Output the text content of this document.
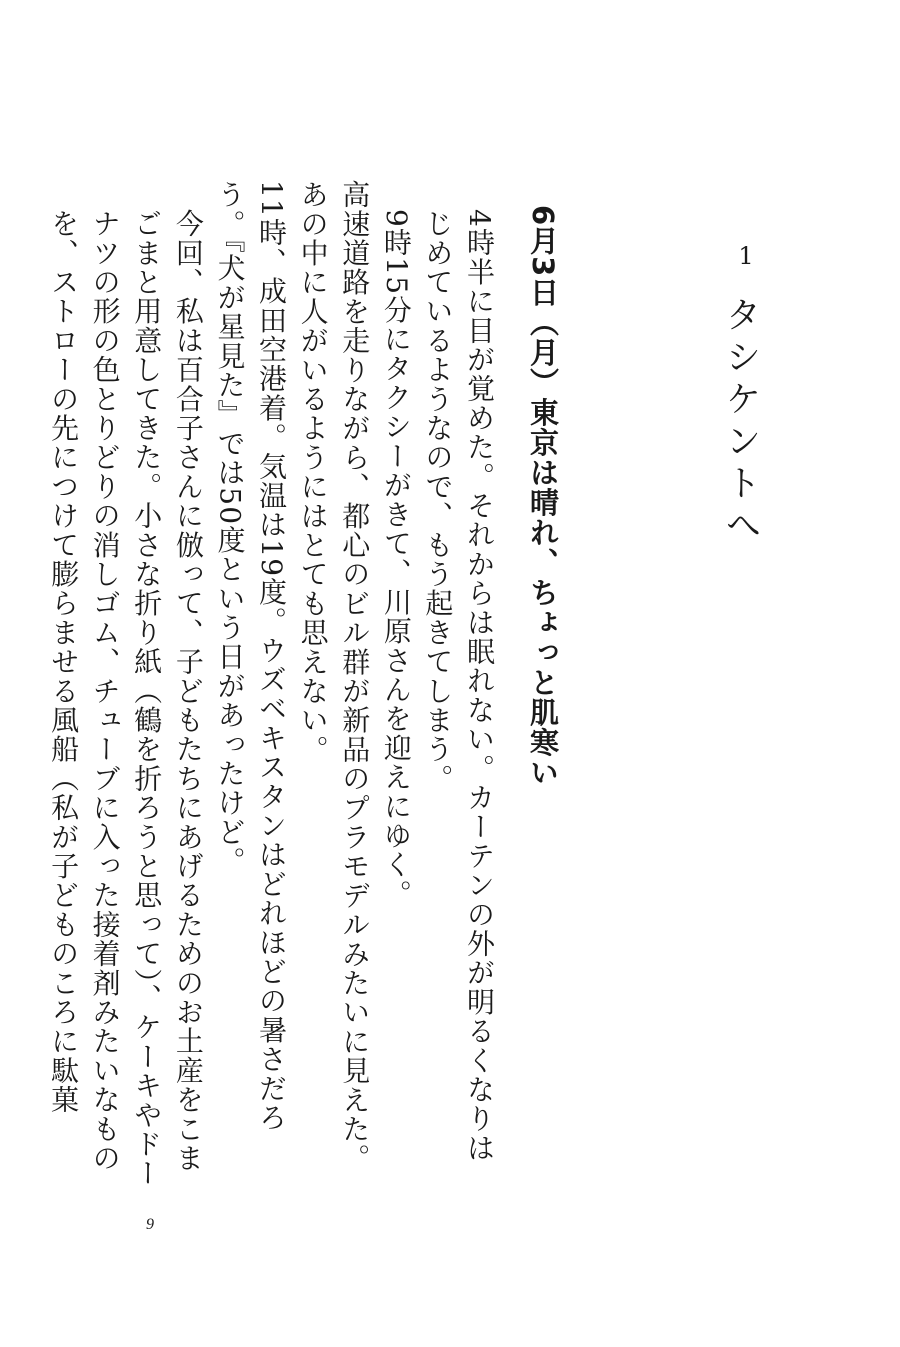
1
タシケントへ
6月3日（月）東京は晴れ、ちょっと肌寒い

4時半に目が覚めた。それからは眠れない。カーテンの外が明るくなりはじめているようなので、もう起きてしまう。

9時15分にタクシーがきて、川原さんを迎えにゆく。

高速道路を走りながら、都心のビル群が新品のプラモデルみたいに見えた。あの中に人がいるようにはとても思えない。

11時、成田空港着。気温は19度。ウズベキスタンはどれほどの暑さだろう。『犬が星見た』では50度という日があったけど。

今回、私は百合子さんに倣って、子どもたちにあげるためのお土産をこまごまと用意してきた。小さな折り紙（鶴を折ろうと思って）、ケーキやドーナツの形の色とりどりの消しゴム、チューブに入った接着剤みたいなものを、ストローの先につけて膨らませる風船（私が子どものころに駄菓

9
